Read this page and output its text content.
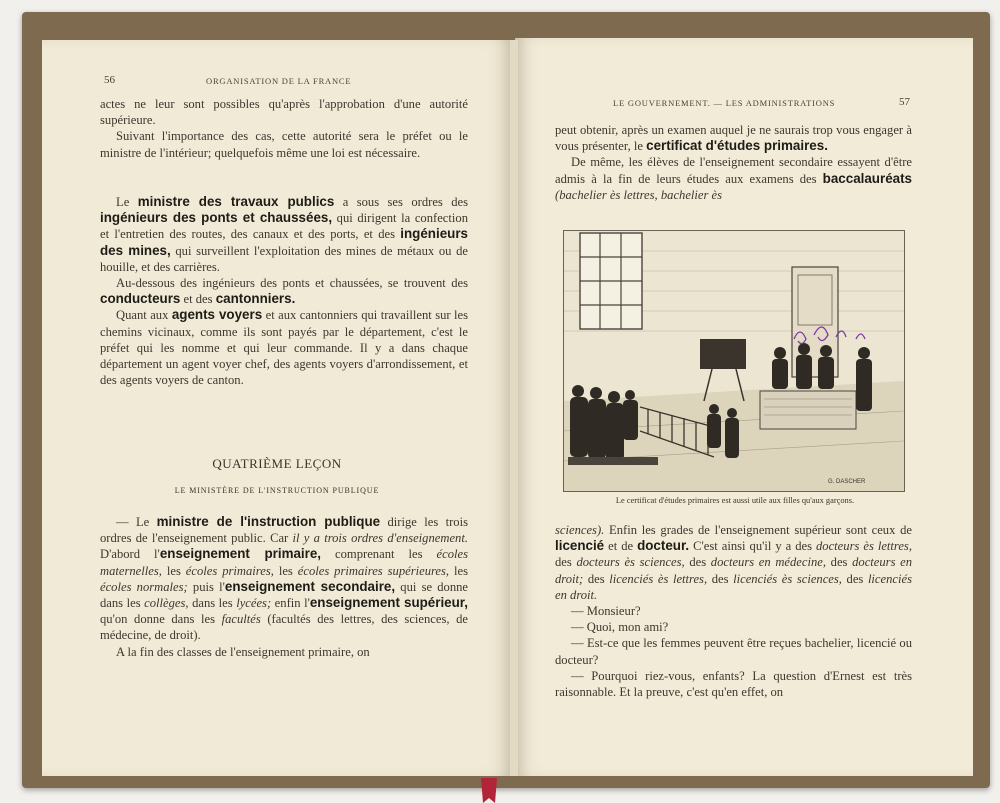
56	ORGANISATION DE LA FRANCE

actes ne leur sont possibles qu'après l'approbation d'une autorité supérieure.

Suivant l'importance des cas, cette autorité sera le préfet ou le ministre de l'intérieur; quelquefois même une loi est nécessaire.

Le ministre des travaux publics a sous ses ordres des ingénieurs des ponts et chaussées, qui dirigent la confection et l'entretien des routes, des canaux et des ports, et des ingénieurs des mines, qui surveillent l'exploitation des mines de métaux ou de houille, et des carrières.

Au-dessous des ingénieurs des ponts et chaussées, se trouvent des conducteurs et des cantonniers.

Quant aux agents voyers et aux cantonniers qui travaillent sur les chemins vicinaux, comme ils sont payés par le département, c'est le préfet qui les nomme et qui leur commande. Il y a dans chaque département un agent voyer chef, des agents voyers d'arrondissement, et des agents voyers de canton.

QUATRIÈME LEÇON
LE MINISTÈRE DE L'INSTRUCTION PUBLIQUE

— Le ministre de l'instruction publique dirige les trois ordres de l'enseignement public. Car il y a trois ordres d'enseignement. D'abord l'enseignement primaire, comprenant les écoles maternelles, les écoles primaires, les écoles primaires supérieures, les écoles normales; puis l'enseignement secondaire, qui se donne dans les collèges, dans les lycées; enfin l'enseignement supérieur, qu'on donne dans les facultés (facultés des lettres, des sciences, de médecine, de droit).

A la fin des classes de l'enseignement primaire, on

LE GOUVERNEMENT. — LES ADMINISTRATIONS	57

peut obtenir, après un examen auquel je ne saurais trop vous engager à vous présenter, le certificat d'études primaires.

De même, les élèves de l'enseignement secondaire essayent d'être admis à la fin de leurs études aux examens des baccalauréats (bachelier ès lettres, bachelier ès

G. DASCHER
Le certificat d'études primaires est aussi utile aux filles qu'aux garçons.

sciences). Enfin les grades de l'enseignement supérieur sont ceux de licencié et de docteur. C'est ainsi qu'il y a des docteurs ès lettres, des docteurs ès sciences, des docteurs en médecine, des docteurs en droit; des licenciés ès lettres, des licenciés ès sciences, des licenciés en droit.

— Monsieur?

— Quoi, mon ami?

— Est-ce que les femmes peuvent être reçues bachelier, licencié ou docteur?

— Pourquoi riez-vous, enfants? La question d'Ernest est très raisonnable. Et la preuve, c'est qu'en effet, on
